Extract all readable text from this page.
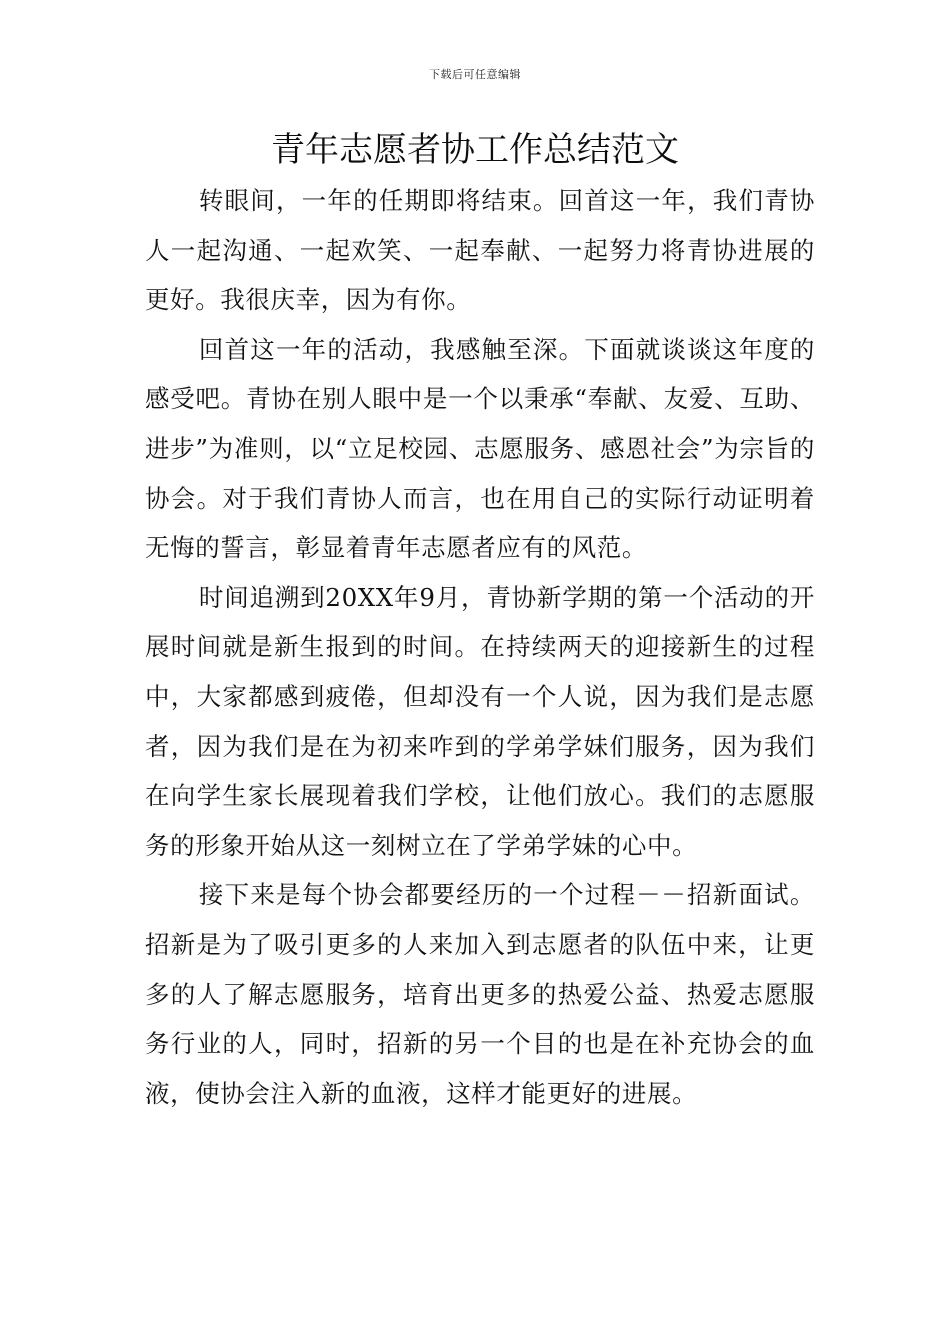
下载后可任意编辑
青年志愿者协工作总结范文

转眼间，一年的任期即将结束。回首这一年，我们青协人一起沟通、一起欢笑、一起奉献、一起努力将青协进展的更好。我很庆幸，因为有你。

回首这一年的活动，我感触至深。下面就谈谈这年度的感受吧。青协在别人眼中是一个以秉承“奉献、友爱、互助、进步”为准则，以“立足校园、志愿服务、感恩社会”为宗旨的协会。对于我们青协人而言，也在用自己的实际行动证明着无悔的誓言，彰显着青年志愿者应有的风范。

时间追溯到20XX年9月，青协新学期的第一个活动的开展时间就是新生报到的时间。在持续两天的迎接新生的过程中，大家都感到疲倦，但却没有一个人说，因为我们是志愿者，因为我们是在为初来咋到的学弟学妹们服务，因为我们在向学生家长展现着我们学校，让他们放心。我们的志愿服务的形象开始从这一刻树立在了学弟学妹的心中。

接下来是每个协会都要经历的一个过程－－招新面试。招新是为了吸引更多的人来加入到志愿者的队伍中来，让更多的人了解志愿服务，培育出更多的热爱公益、热爱志愿服务行业的人，同时，招新的另一个目的也是在补充协会的血液，使协会注入新的血液，这样才能更好的进展。
